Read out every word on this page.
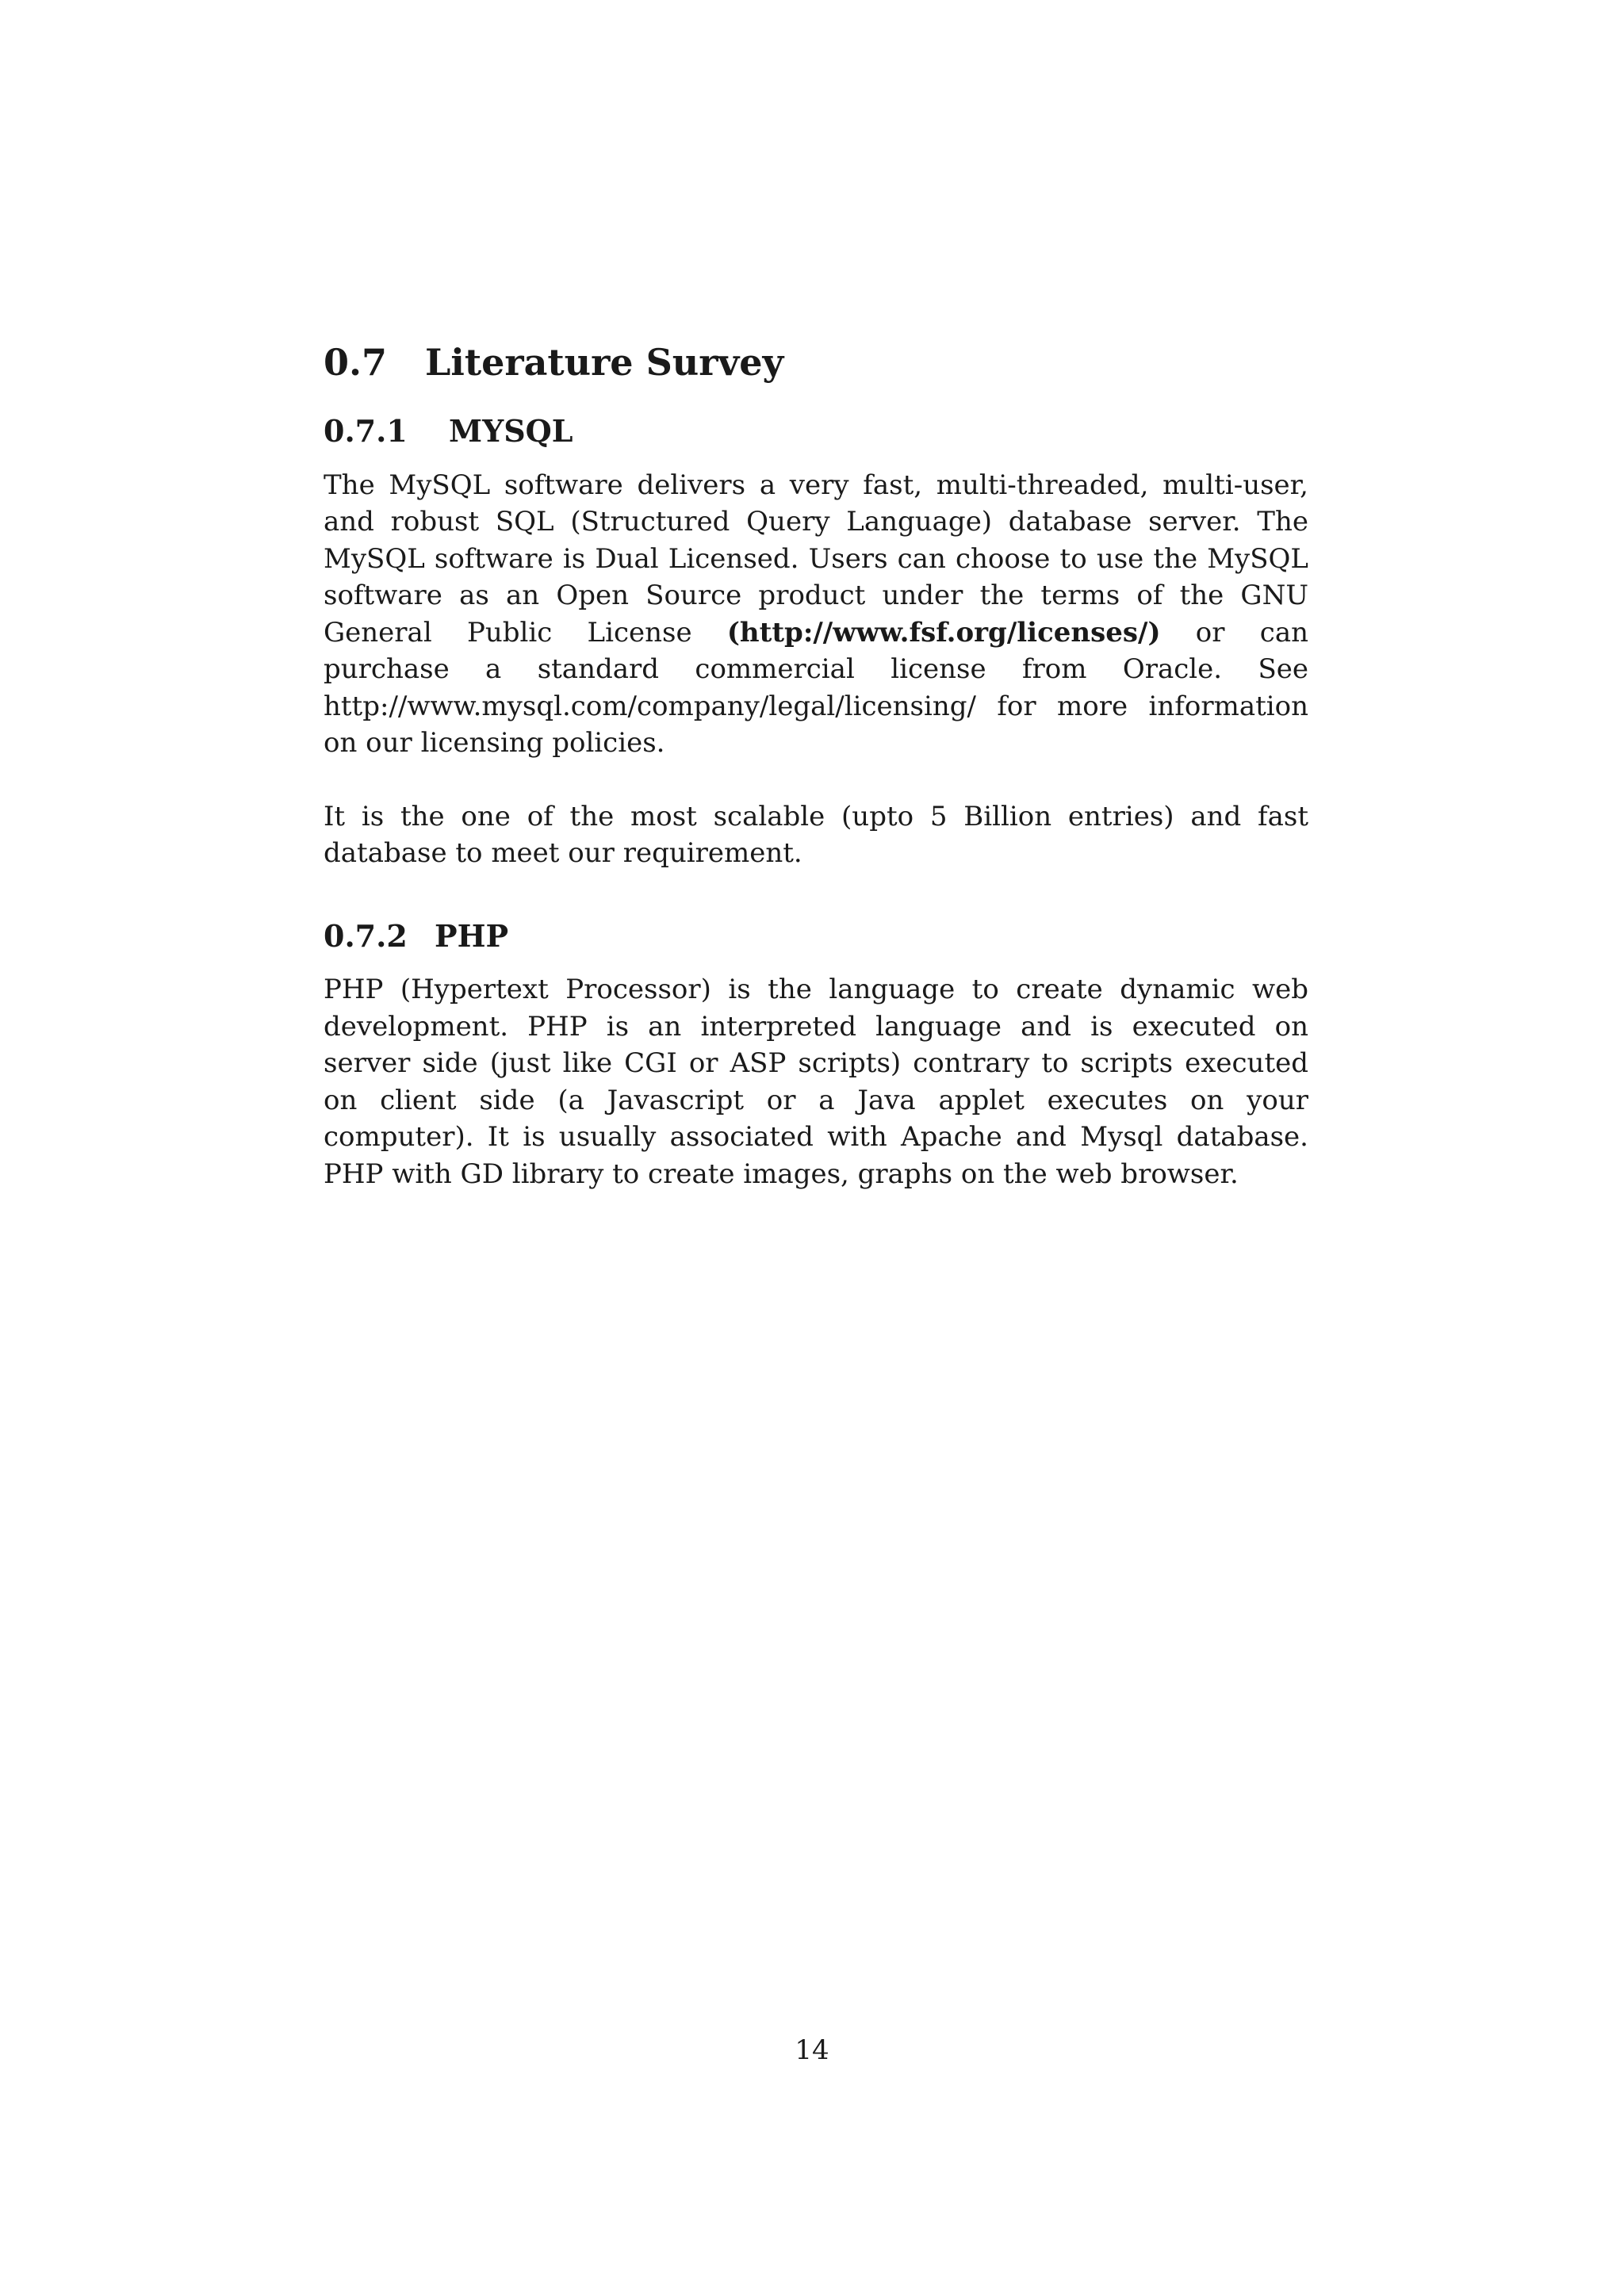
0.7 Literature Survey
0.7.1 MYSQL

The MySQL software delivers a very fast, multi-threaded, multi-user, and robust SQL (Structured Query Language) database server. The MySQL software is Dual Licensed. Users can choose to use the MySQL software as an Open Source product under the terms of the GNU General Public License (http://www.fsf.org/licenses/) or can purchase a standard commercial license from Oracle. See http://www.mysql.com/company/legal/licensing/ for more information on our licensing policies.

It is the one of the most scalable (upto 5 Billion entries) and fast database to meet our requirement.

0.7.2 PHP

PHP (Hypertext Processor) is the language to create dynamic web development. PHP is an interpreted language and is executed on server side (just like CGI or ASP scripts) contrary to scripts executed on client side (a Javascript or a Java applet executes on your computer). It is usually associated with Apache and Mysql database. PHP with GD library to create images, graphs on the web browser.

14
